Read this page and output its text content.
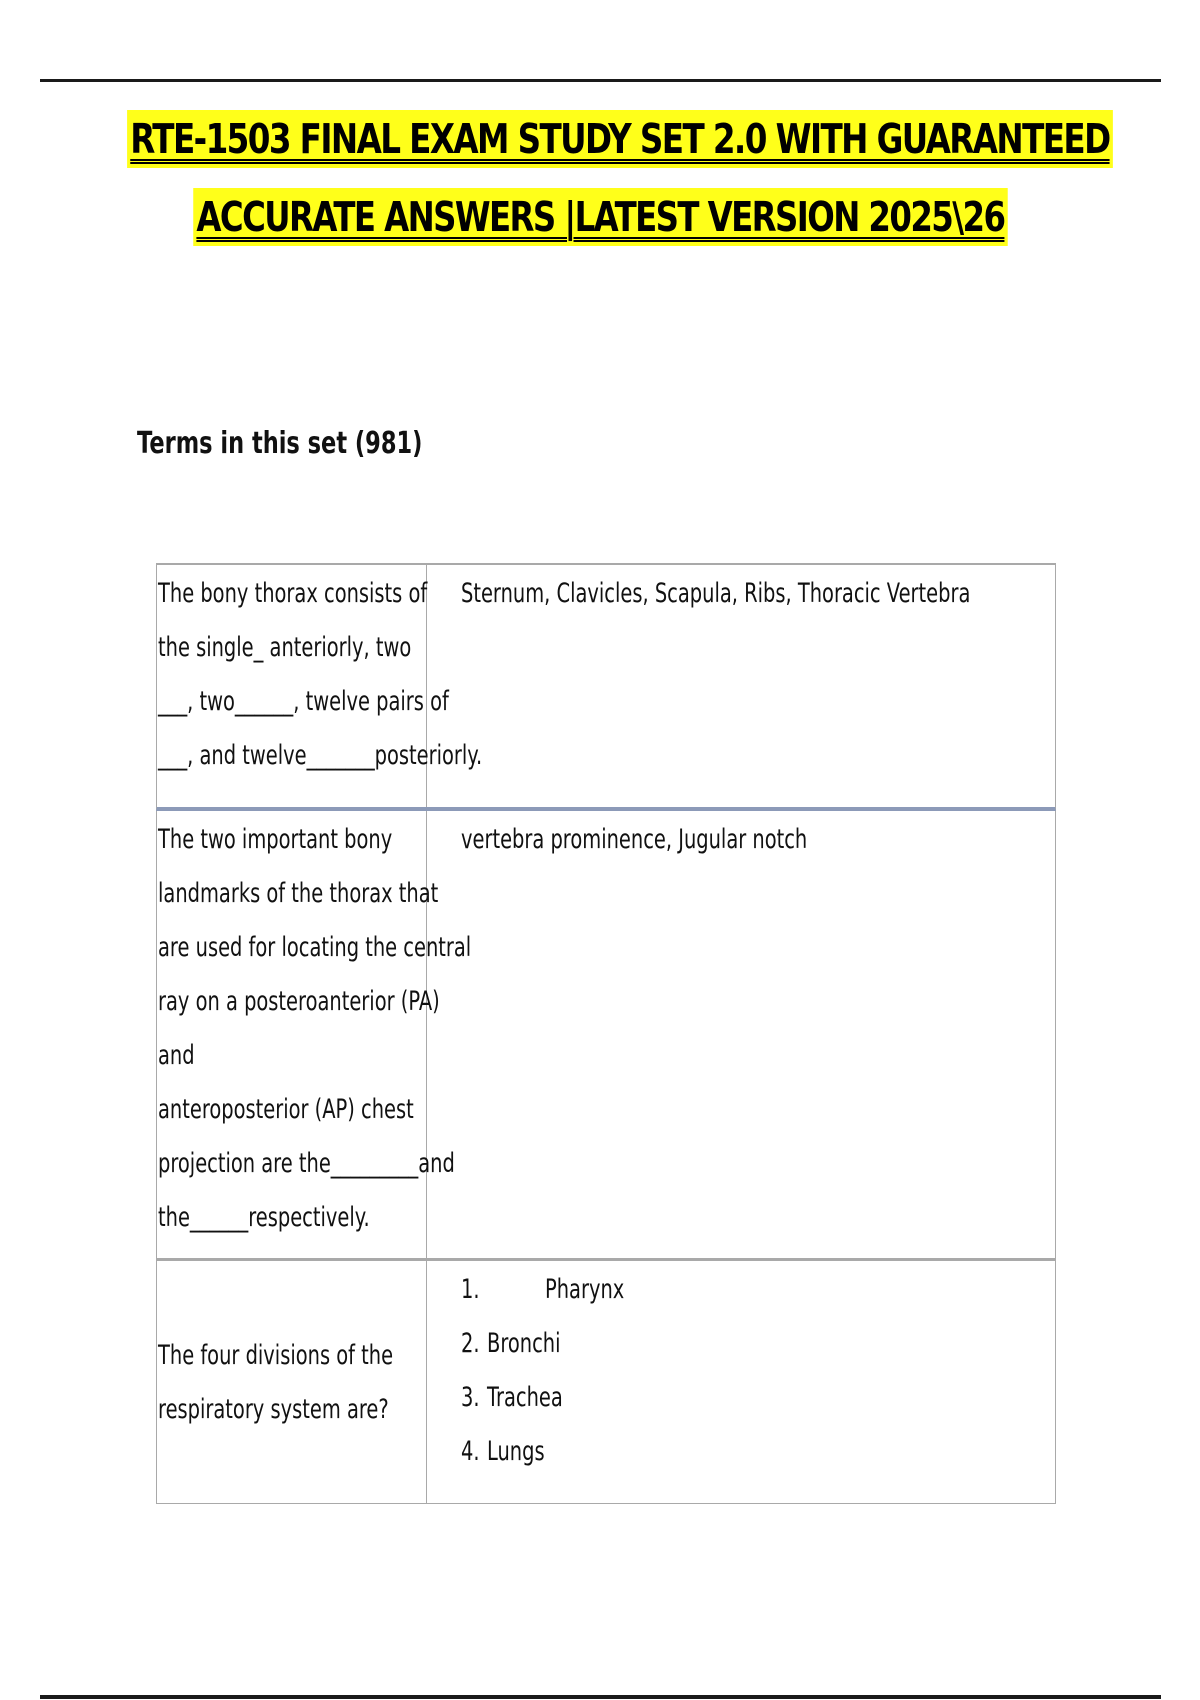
RTE-1503 FINAL EXAM STUDY SET 2.0 WITH GUARANTEED
ACCURATE ANSWERS |LATEST VERSION 2025\26
Terms in this set (981)
The bony thorax consists of
the single_ anteriorly, two
___, two______, twelve pairs of
___, and twelve_______posteriorly.
Sternum, Clavicles, Scapula, Ribs, Thoracic Vertebra
The two important bony
landmarks of the thorax that
are used for locating the central
ray on a posteroanterior (PA)
and
anteroposterior (AP) chest
projection are the_________and
the______respectively.
vertebra prominence, Jugular notch
The four divisions of the
respiratory system are?
1. Pharynx
2. Bronchi
3. Trachea
4. Lungs
